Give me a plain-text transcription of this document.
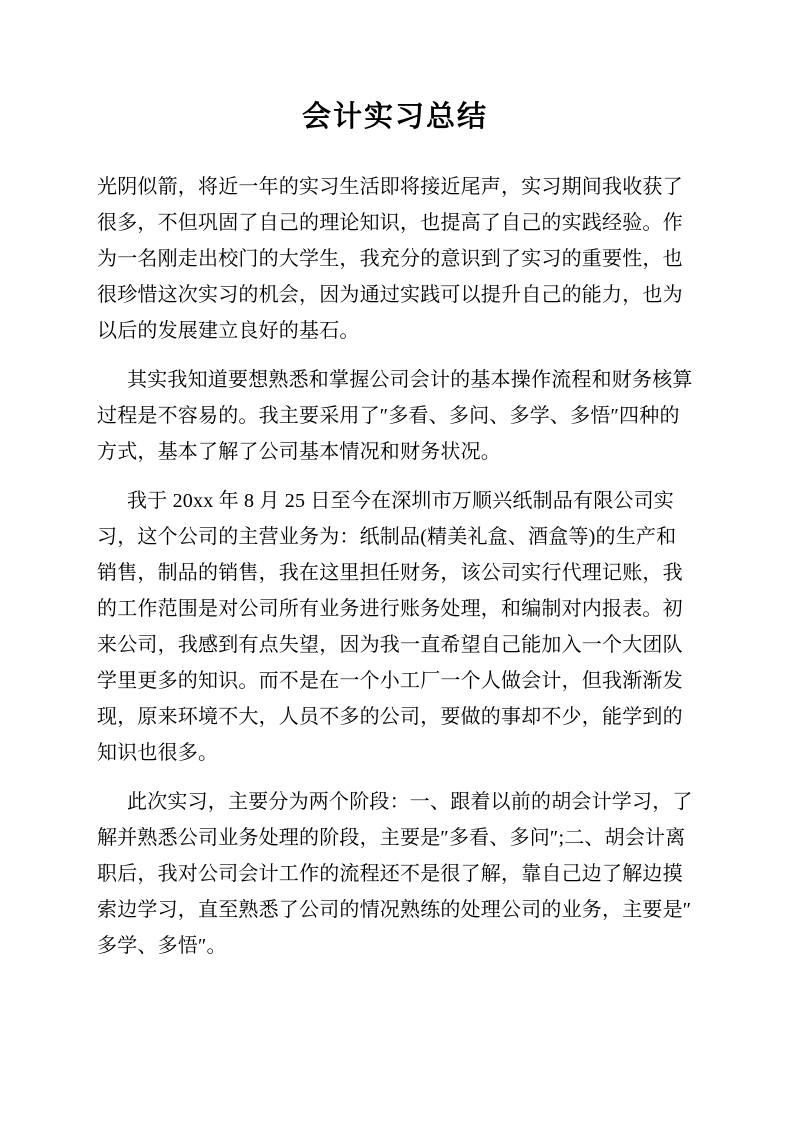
会计实习总结

光阴似箭，将近一年的实习生活即将接近尾声，实习期间我收获了很多，不但巩固了自己的理论知识，也提高了自己的实践经验。作为一名刚走出校门的大学生，我充分的意识到了实习的重要性，也很珍惜这次实习的机会，因为通过实践可以提升自己的能力，也为以后的发展建立良好的基石。

其实我知道要想熟悉和掌握公司会计的基本操作流程和财务核算过程是不容易的。我主要采用了″多看、多问、多学、多悟″四种的方式，基本了解了公司基本情况和财务状况。

我于 20xx 年 8 月 25 日至今在深圳市万顺兴纸制品有限公司实习，这个公司的主营业务为：纸制品(精美礼盒、酒盒等)的生产和销售，制品的销售，我在这里担任财务，该公司实行代理记账，我的工作范围是对公司所有业务进行账务处理，和编制对内报表。初来公司，我感到有点失望，因为我一直希望自己能加入一个大团队学里更多的知识。而不是在一个小工厂一个人做会计，但我渐渐发现，原来环境不大，人员不多的公司，要做的事却不少，能学到的知识也很多。

此次实习，主要分为两个阶段：一、跟着以前的胡会计学习，了解并熟悉公司业务处理的阶段，主要是″多看、多问″;二、胡会计离职后，我对公司会计工作的流程还不是很了解，靠自己边了解边摸索边学习，直至熟悉了公司的情况熟练的处理公司的业务，主要是″多学、多悟″。
